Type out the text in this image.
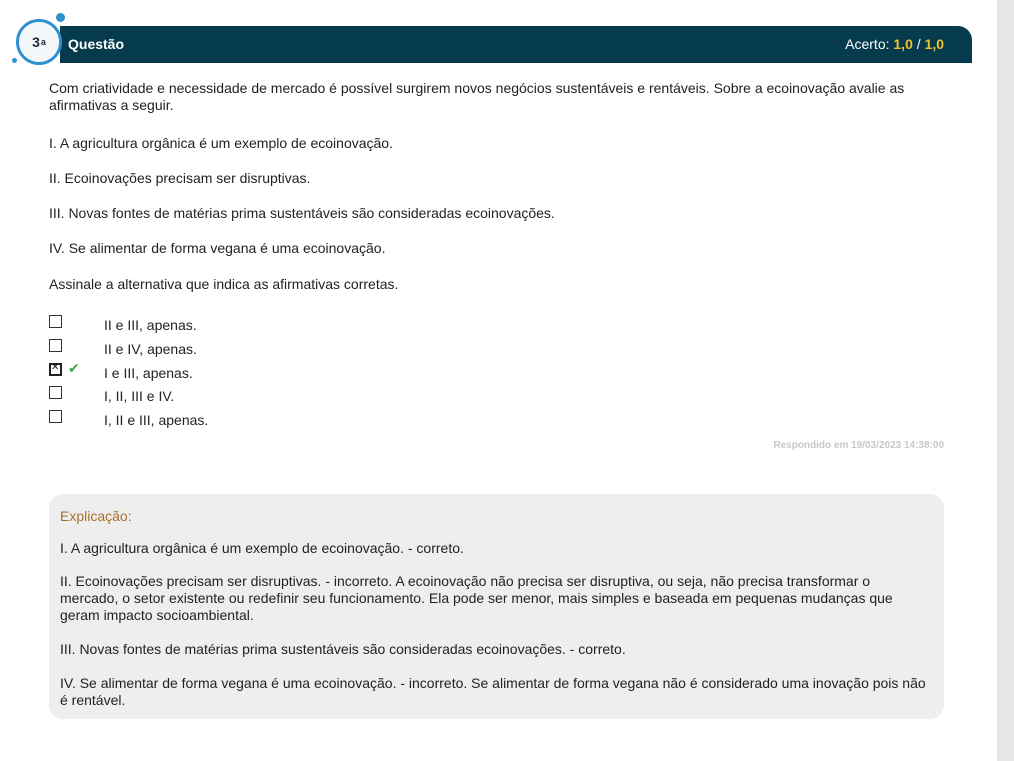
Questão	Acerto: 1,0 / 1,0
3 a

Com criatividade e necessidade de mercado é possível surgirem novos negócios sustentáveis e rentáveis. Sobre a ecoinovação avalie as afirmativas a seguir.

I. A agricultura orgânica é um exemplo de ecoinovação.

II. Ecoinovações precisam ser disruptivas.

III. Novas fontes de matérias prima sustentáveis são consideradas ecoinovações.

IV. Se alimentar de forma vegana é uma ecoinovação.

Assinale a alternativa que indica as afirmativas corretas.

II e III, apenas.
II e IV, apenas.
✕
✔ I e III, apenas.
I, II, III e IV.
I, II e III, apenas.
Respondido em 19/03/2023 14:38:00
Explicação:
I. A agricultura orgânica é um exemplo de ecoinovação. - correto.
II. Ecoinovações precisam ser disruptivas. - incorreto. A ecoinovação não precisa ser disruptiva, ou seja, não precisa transformar o mercado, o setor existente ou redefinir seu funcionamento. Ela pode ser menor, mais simples e baseada em pequenas mudanças que geram impacto socioambiental.
III. Novas fontes de matérias prima sustentáveis são consideradas ecoinovações. - correto.
IV. Se alimentar de forma vegana é uma ecoinovação. - incorreto. Se alimentar de forma vegana não é considerado uma inovação pois não é rentável.
